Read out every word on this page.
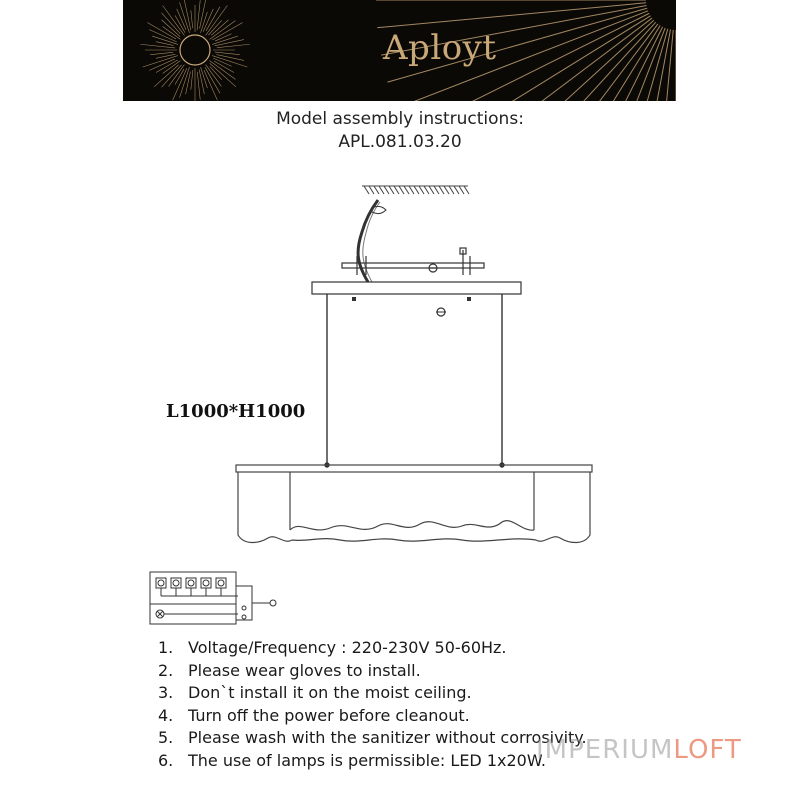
Aployt
Model assembly instructions:
APL.081.03.20
L1000*H1000
1. Voltage/Frequency : 220-230V 50-60Hz.
2. Please wear gloves to install.
3. Don`t install it on the moist ceiling.
4. Turn off the power before cleanout.
5. Please wash with the sanitizer without corrosivity.
6. The use of lamps is permissible: LED 1x20W.
IMPERIUMLOFT
